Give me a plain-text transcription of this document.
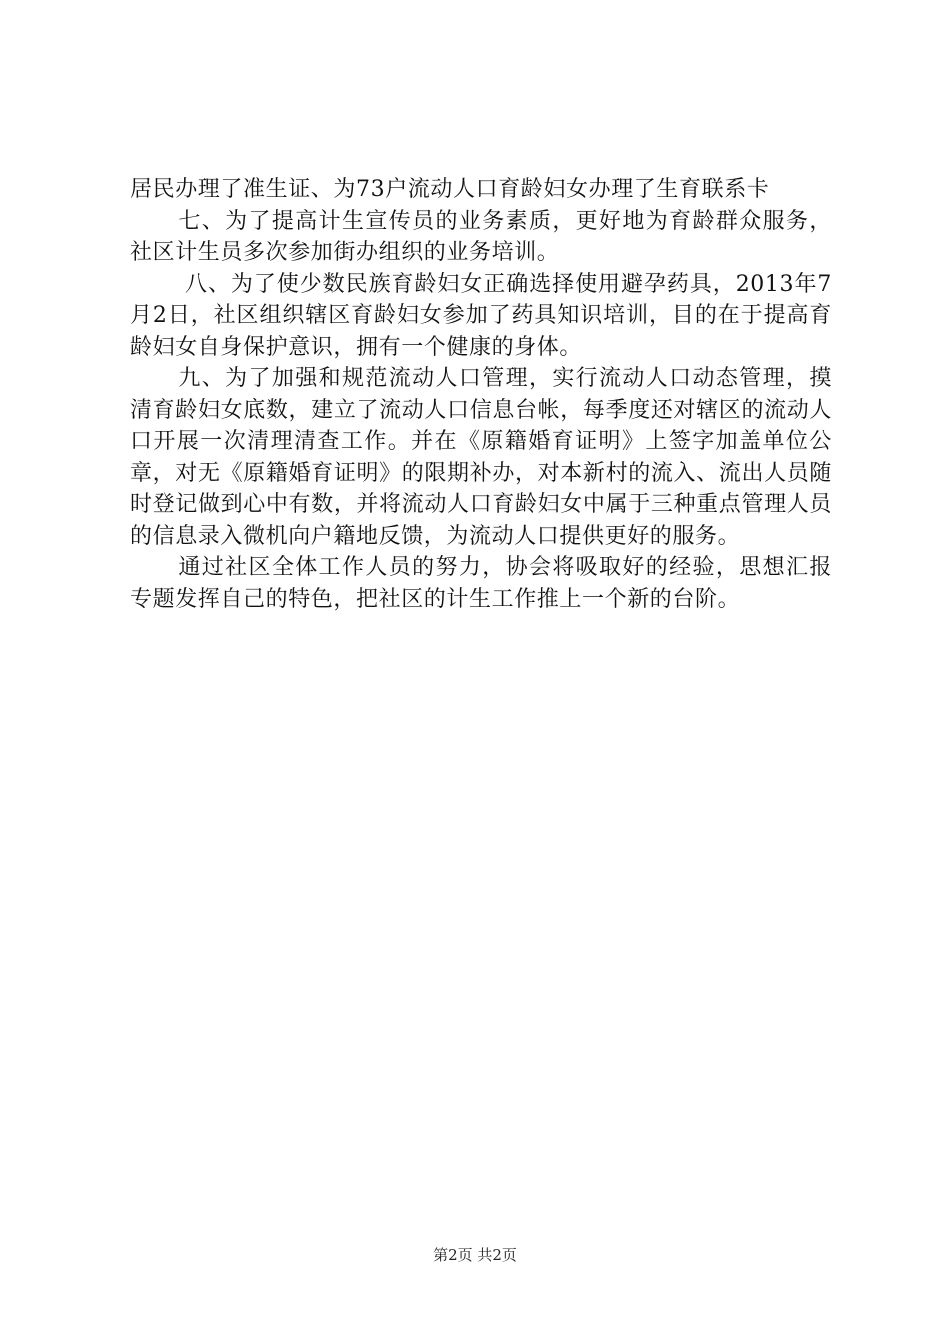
居民办理了准生证、为73户流动人口育龄妇女办理了生育联系卡

七、为了提高计生宣传员的业务素质，更好地为育龄群众服务，社区计生员多次参加街办组织的业务培训。

八、为了使少数民族育龄妇女正确选择使用避孕药具，2013年7月2日，社区组织辖区育龄妇女参加了药具知识培训，目的在于提高育龄妇女自身保护意识，拥有一个健康的身体。

九、为了加强和规范流动人口管理，实行流动人口动态管理，摸清育龄妇女底数，建立了流动人口信息台帐，每季度还对辖区的流动人口开展一次清理清查工作。并在《原籍婚育证明》上签字加盖单位公章，对无《原籍婚育证明》的限期补办，对本新村的流入、流出人员随时登记做到心中有数，并将流动人口育龄妇女中属于三种重点管理人员的信息录入微机向户籍地反馈，为流动人口提供更好的服务。

通过社区全体工作人员的努力，协会将吸取好的经验，思想汇报专题发挥自己的特色，把社区的计生工作推上一个新的台阶。

第2页 共2页
